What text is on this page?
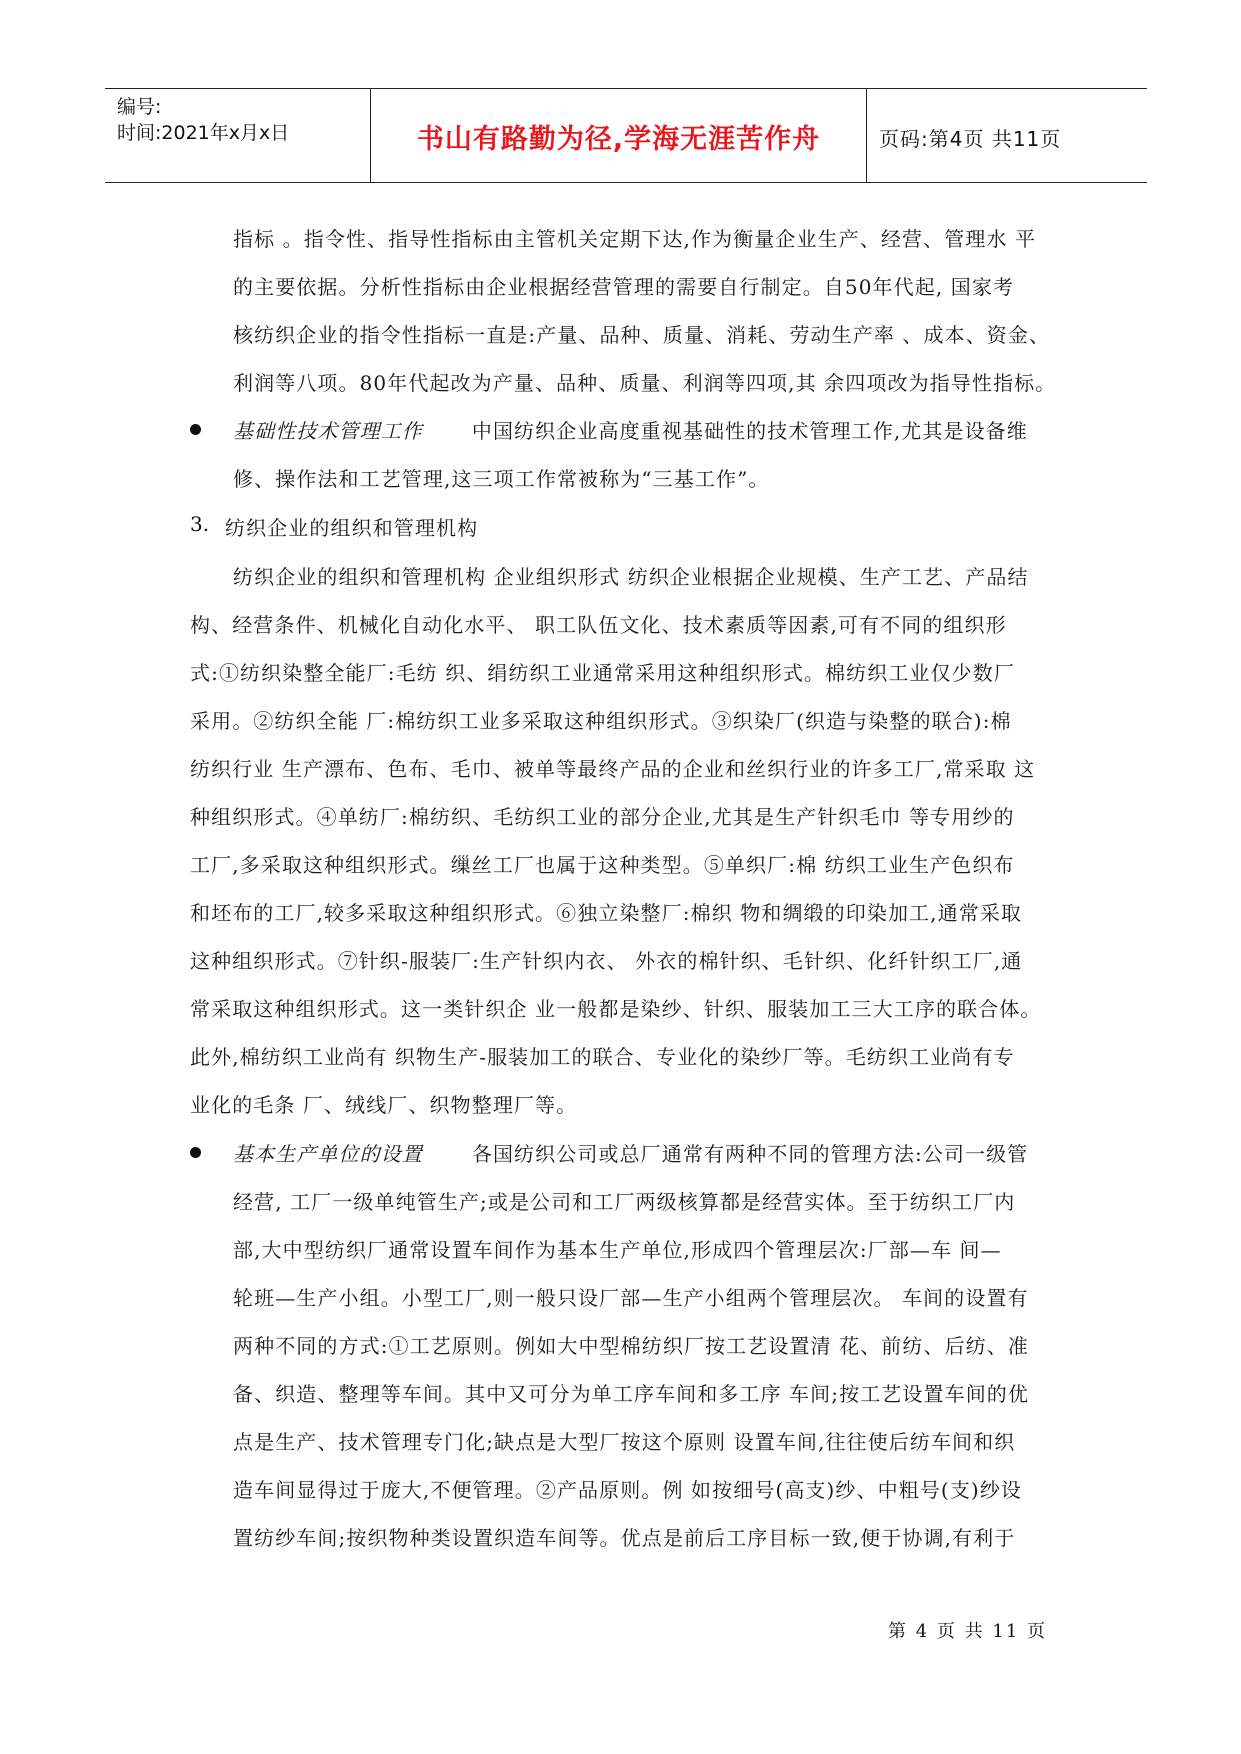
编号:
时间:2021年x月x日	书山有路勤为径,学海无涯苦作舟	页码:第4页 共11页
指标 。指令性、指导性指标由主管机关定期下达,作为衡量企业生产、经营、管理水 平
的主要依据。分析性指标由企业根据经营管理的需要自行制定。自50年代起, 国家考
核纺织企业的指令性指标一直是:产量、品种、质量、消耗、劳动生产率 、成本、资金、
利润等八项。80年代起改为产量、品种、质量、利润等四项,其 余四项改为指导性指标。
基础性技术管理工作 中国纺织企业高度重视基础性的技术管理工作,尤其是设备维
修、操作法和工艺管理,这三项工作常被称为“三基工作”。
3. 纺织企业的组织和管理机构
纺织企业的组织和管理机构 企业组织形式 纺织企业根据企业规模、生产工艺、产品结
构、经营条件、机械化自动化水平、 职工队伍文化、技术素质等因素,可有不同的组织形
式:①纺织染整全能厂:毛纺 织、绢纺织工业通常采用这种组织形式。棉纺织工业仅少数厂
采用。②纺织全能 厂:棉纺织工业多采取这种组织形式。③织染厂(织造与染整的联合):棉
纺织行业 生产漂布、色布、毛巾、被单等最终产品的企业和丝织行业的许多工厂,常采取 这
种组织形式。④单纺厂:棉纺织、毛纺织工业的部分企业,尤其是生产针织毛巾 等专用纱的
工厂,多采取这种组织形式。缫丝工厂也属于这种类型。⑤单织厂:棉 纺织工业生产色织布
和坯布的工厂,较多采取这种组织形式。⑥独立染整厂:棉织 物和绸缎的印染加工,通常采取
这种组织形式。⑦针织-服装厂:生产针织内衣、 外衣的棉针织、毛针织、化纤针织工厂,通
常采取这种组织形式。这一类针织企 业一般都是染纱、针织、服装加工三大工序的联合体。
此外,棉纺织工业尚有 织物生产-服装加工的联合、专业化的染纱厂等。毛纺织工业尚有专
业化的毛条 厂、绒线厂、织物整理厂等。
基本生产单位的设置 各国纺织公司或总厂通常有两种不同的管理方法:公司一级管
经营, 工厂一级单纯管生产;或是公司和工厂两级核算都是经营实体。至于纺织工厂内
部,大中型纺织厂通常设置车间作为基本生产单位,形成四个管理层次:厂部—车 间—
轮班—生产小组。小型工厂,则一般只设厂部—生产小组两个管理层次。 车间的设置有
两种不同的方式:①工艺原则。例如大中型棉纺织厂按工艺设置清 花、前纺、后纺、准
备、织造、整理等车间。其中又可分为单工序车间和多工序 车间;按工艺设置车间的优
点是生产、技术管理专门化;缺点是大型厂按这个原则 设置车间,往往使后纺车间和织
造车间显得过于庞大,不便管理。②产品原则。例 如按细号(高支)纱、中粗号(支)纱设
置纺纱车间;按织物种类设置织造车间等。优点是前后工序目标一致,便于协调,有利于
第 4 页 共 11 页
